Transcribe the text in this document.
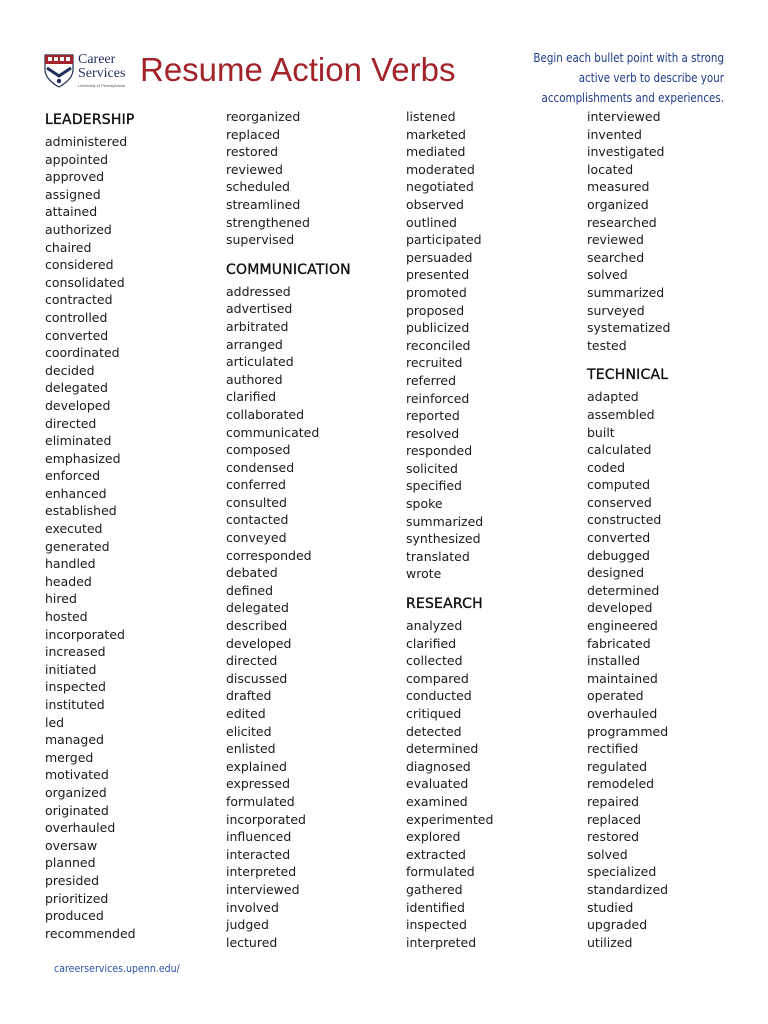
Career
Services
University of Pennsylvania Resume Action Verbs	Begin each bullet point with a strong active verb to describe your accomplishments and experiences.
LEADERSHIP
administered
appointed
approved
assigned
attained
authorized
chaired
considered
consolidated
contracted
controlled
converted
coordinated
decided
delegated
developed
directed
eliminated
emphasized
enforced
enhanced
established
executed
generated
handled
headed
hired
hosted
incorporated
increased
initiated
inspected
instituted
led
managed
merged
motivated
organized
originated
overhauled
oversaw
planned
presided
prioritized
produced
recommended
reorganized
replaced
restored
reviewed
scheduled
streamlined
strengthened
supervised
COMMUNICATION
addressed
advertised
arbitrated
arranged
articulated
authored
clarified
collaborated
communicated
composed
condensed
conferred
consulted
contacted
conveyed
corresponded
debated
defined
delegated
described
developed
directed
discussed
drafted
edited
elicited
enlisted
explained
expressed
formulated
incorporated
influenced
interacted
interpreted
interviewed
involved
judged
lectured
listened
marketed
mediated
moderated
negotiated
observed
outlined
participated
persuaded
presented
promoted
proposed
publicized
reconciled
recruited
referred
reinforced
reported
resolved
responded
solicited
specified
spoke
summarized
synthesized
translated
wrote
RESEARCH
analyzed
clarified
collected
compared
conducted
critiqued
detected
determined
diagnosed
evaluated
examined
experimented
explored
extracted
formulated
gathered
identified
inspected
interpreted
interviewed
invented
investigated
located
measured
organized
researched
reviewed
searched
solved
summarized
surveyed
systematized
tested
TECHNICAL
adapted
assembled
built
calculated
coded
computed
conserved
constructed
converted
debugged
designed
determined
developed
engineered
fabricated
installed
maintained
operated
overhauled
programmed
rectified
regulated
remodeled
repaired
replaced
restored
solved
specialized
standardized
studied
upgraded
utilized
careerservices.upenn.edu/
